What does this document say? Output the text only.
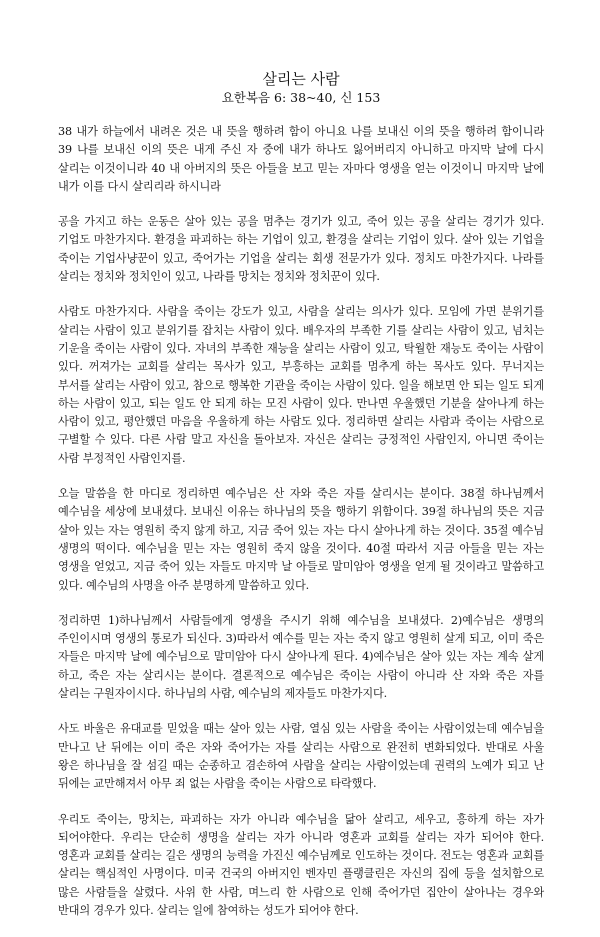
살리는 사람
요한복음 6: 38~40, 신 153

38 내가 하늘에서 내려온 것은 내 뜻을 행하려 함이 아니요 나를 보내신 이의 뜻을 행하려 함이니라 39 나를 보내신 이의 뜻은 내게 주신 자 중에 내가 하나도 잃어버리지 아니하고 마지막 날에 다시 살리는 이것이니라 40 내 아버지의 뜻은 아들을 보고 믿는 자마다 영생을 얻는 이것이니 마지막 날에 내가 이를 다시 살리리라 하시니라

공을 가지고 하는 운동은 살아 있는 공을 멈추는 경기가 있고, 죽어 있는 공을 살리는 경기가 있다. 기업도 마찬가지다. 환경을 파괴하는 하는 기업이 있고, 환경을 살리는 기업이 있다. 살아 있는 기업을 죽이는 기업사냥꾼이 있고, 죽어가는 기업을 살리는 회생 전문가가 있다. 정치도 마찬가지다. 나라를 살리는 정치와 정치인이 있고, 나라를 망치는 정치와 정치꾼이 있다.

사람도 마찬가지다. 사람을 죽이는 강도가 있고, 사람을 살리는 의사가 있다. 모임에 가면 분위기를 살리는 사람이 있고 분위기를 잡치는 사람이 있다. 배우자의 부족한 기를 살리는 사람이 있고, 넘치는 기운을 죽이는 사람이 있다. 자녀의 부족한 재능을 살리는 사람이 있고, 탁월한 재능도 죽이는 사람이 있다. 꺼져가는 교회를 살리는 목사가 있고, 부흥하는 교회를 멈추게 하는 목사도 있다. 무너지는 부서를 살리는 사람이 있고, 참으로 행복한 기관을 죽이는 사람이 있다. 일을 해보면 안 되는 일도 되게 하는 사람이 있고, 되는 일도 안 되게 하는 모진 사람이 있다. 만나면 우울했던 기분을 살아나게 하는 사람이 있고, 평안했던 마음을 우울하게 하는 사람도 있다. 정리하면 살리는 사람과 죽이는 사람으로 구별할 수 있다. 다른 사람 말고 자신을 돌아보자. 자신은 살리는 긍정적인 사람인지, 아니면 죽이는 사람 부정적인 사람인지를.

오늘 말씀을 한 마디로 정리하면 예수님은 산 자와 죽은 자를 살리시는 분이다. 38절 하나님께서 예수님을 세상에 보내셨다. 보내신 이유는 하나님의 뜻을 행하기 위함이다. 39절 하나님의 뜻은 지금 살아 있는 자는 영원히 죽지 않게 하고, 지금 죽어 있는 자는 다시 살아나게 하는 것이다. 35절 예수님 생명의 떡이다. 예수님을 믿는 자는 영원히 죽지 않을 것이다. 40절 따라서 지금 아들을 믿는 자는 영생을 얻었고, 지금 죽어 있는 자들도 마지막 날 아들로 말미암아 영생을 얻게 될 것이라고 말씀하고 있다. 예수님의 사명을 아주 분명하게 말씀하고 있다.

정리하면 1)하나님께서 사람들에게 영생을 주시기 위해 예수님을 보내셨다. 2)예수님은 생명의 주인이시며 영생의 통로가 되신다. 3)따라서 예수를 믿는 자는 죽지 않고 영원히 살게 되고, 이미 죽은 자들은 마지막 날에 예수님으로 말미암아 다시 살아나게 된다. 4)예수님은 살아 있는 자는 계속 살게 하고, 죽은 자는 살리시는 분이다. 결론적으로 예수님은 죽이는 사람이 아니라 산 자와 죽은 자를 살리는 구원자이시다. 하나님의 사람, 예수님의 제자들도 마찬가지다.

사도 바울은 유대교를 믿었을 때는 살아 있는 사람, 열심 있는 사람을 죽이는 사람이었는데 예수님을 만나고 난 뒤에는 이미 죽은 자와 죽어가는 자를 살리는 사람으로 완전히 변화되었다. 반대로 사울 왕은 하나님을 잘 섬길 때는 순종하고 겸손하여 사람을 살리는 사람이었는데 권력의 노예가 되고 난 뒤에는 교만해져서 아무 죄 없는 사람을 죽이는 사람으로 타락했다.

우리도 죽이는, 망치는, 파괴하는 자가 아니라 예수님을 닮아 살리고, 세우고, 흥하게 하는 자가 되어야한다. 우리는 단순히 생명을 살리는 자가 아니라 영혼과 교회를 살리는 자가 되어야 한다. 영혼과 교회를 살리는 길은 생명의 능력을 가진신 예수님께로 인도하는 것이다. 전도는 영혼과 교회를 살리는 핵심적인 사명이다. 미국 건국의 아버지인 벤자민 플랭클린은 자신의 집에 등을 설치함으로 많은 사람들을 살렸다. 사위 한 사람, 며느리 한 사람으로 인해 죽어가던 집안이 살아나는 경우와 반대의 경우가 있다. 살리는 일에 참여하는 성도가 되어야 한다.
